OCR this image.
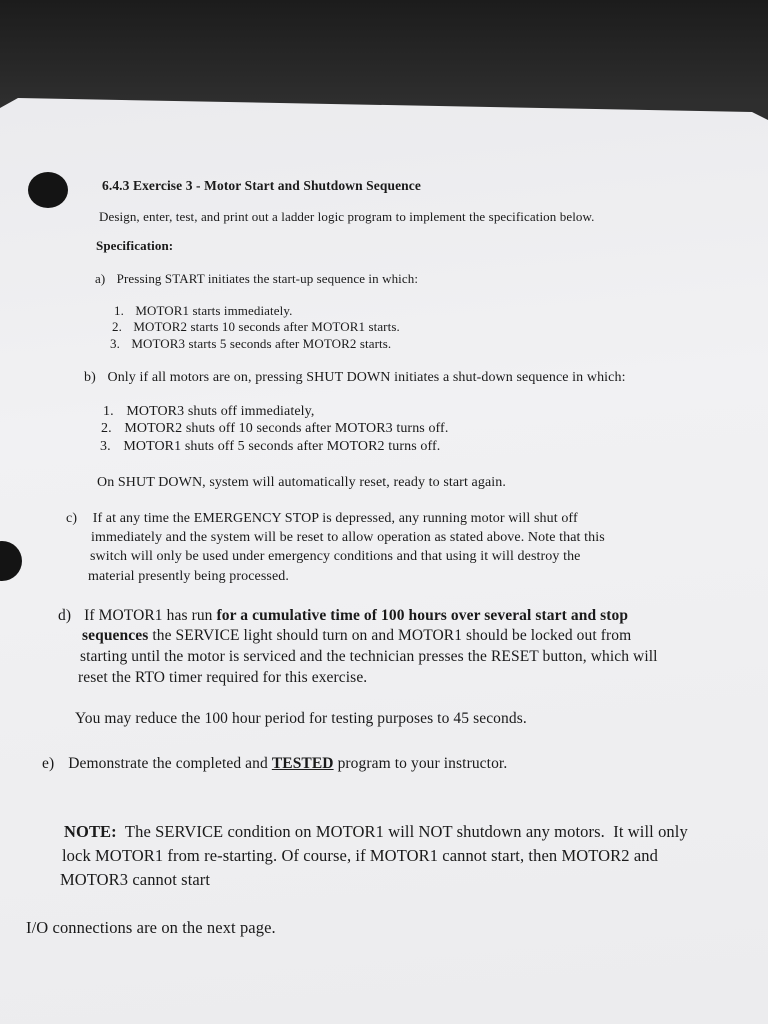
6.4.3 Exercise 3 - Motor Start and Shutdown Sequence
Design, enter, test, and print out a ladder logic program to implement the specification below.
Specification:
a) Pressing START initiates the start-up sequence in which:
1. MOTOR1 starts immediately.
2. MOTOR2 starts 10 seconds after MOTOR1 starts.
3. MOTOR3 starts 5 seconds after MOTOR2 starts.
b) Only if all motors are on, pressing SHUT DOWN initiates a shut-down sequence in which:
1. MOTOR3 shuts off immediately,
2. MOTOR2 shuts off 10 seconds after MOTOR3 turns off.
3. MOTOR1 shuts off 5 seconds after MOTOR2 turns off.
On SHUT DOWN, system will automatically reset, ready to start again.
c) If at any time the EMERGENCY STOP is depressed, any running motor will shut off
immediately and the system will be reset to allow operation as stated above. Note that this
switch will only be used under emergency conditions and that using it will destroy the
material presently being processed.
d) If MOTOR1 has run for a cumulative time of 100 hours over several start and stop
sequences the SERVICE light should turn on and MOTOR1 should be locked out from
starting until the motor is serviced and the technician presses the RESET button, which will
reset the RTO timer required for this exercise.
You may reduce the 100 hour period for testing purposes to 45 seconds.
e) Demonstrate the completed and TESTED program to your instructor.
NOTE:  The SERVICE condition on MOTOR1 will NOT shutdown any motors.  It will only
lock MOTOR1 from re-starting. Of course, if MOTOR1 cannot start, then MOTOR2 and
MOTOR3 cannot start
I/O connections are on the next page.
